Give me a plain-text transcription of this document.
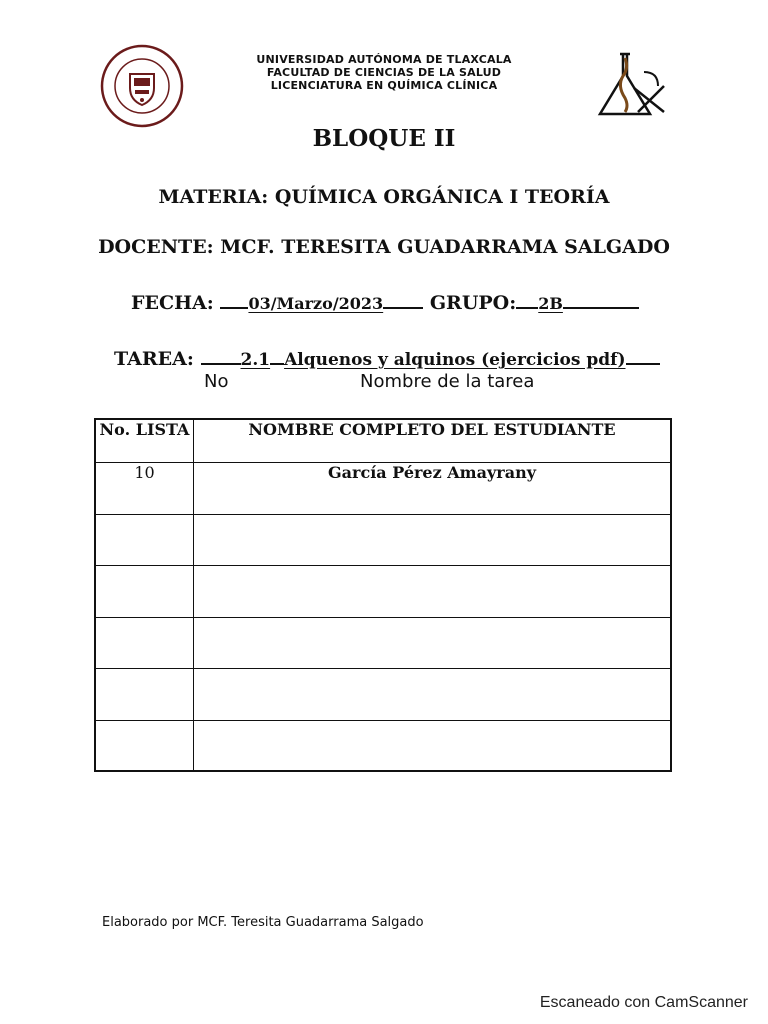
UNIVERSIDAD AUTÓNOMA DE TLAXCALA
FACULTAD DE CIENCIAS DE LA SALUD
LICENCIATURA EN QUÍMICA CLÍNICA
BLOQUE II
MATERIA: QUÍMICA ORGÁNICA I TEORÍA
DOCENTE: MCF. TERESITA GUADARRAMA SALGADO
FECHA: 03/Marzo/2023 GRUPO: 2B
TAREA:	2.1 Alquenos y alquinos (ejercicios pdf)
No	Nombre de la tarea
No. LISTA	NOMBRE COMPLETO DEL ESTUDIANTE
10	García Pérez Amayrany

Elaborado por MCF. Teresita Guadarrama Salgado
Escaneado con CamScanner
